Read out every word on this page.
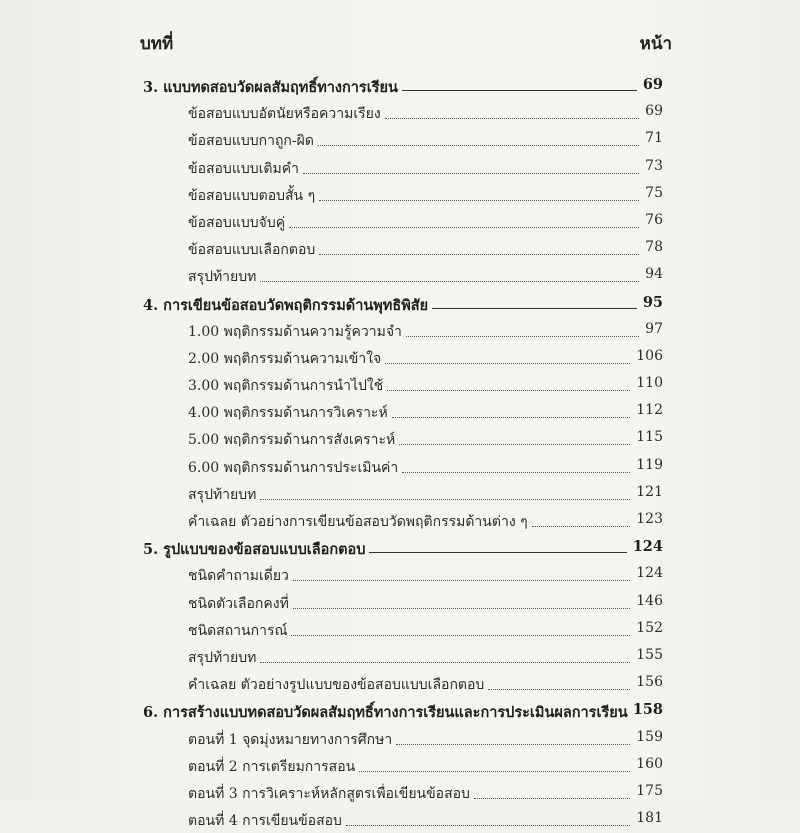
บทที่	หน้า
3. แบบทดสอบวัดผลสัมฤทธิ์ทางการเรียน	69
ข้อสอบแบบอัตนัยหรือความเรียง	69
ข้อสอบแบบกาถูก-ผิด	71
ข้อสอบแบบเติมคำ	73
ข้อสอบแบบตอบสั้น ๆ	75
ข้อสอบแบบจับคู่	76
ข้อสอบแบบเลือกตอบ	78
สรุปท้ายบท	94
4. การเขียนข้อสอบวัดพฤติกรรมด้านพุทธิพิสัย	95
1.00 พฤติกรรมด้านความรู้ความจำ	97
2.00 พฤติกรรมด้านความเข้าใจ	106
3.00 พฤติกรรมด้านการนำไปใช้	110
4.00 พฤติกรรมด้านการวิเคราะห์	112
5.00 พฤติกรรมด้านการสังเคราะห์	115
6.00 พฤติกรรมด้านการประเมินค่า	119
สรุปท้ายบท	121
คำเฉลย ตัวอย่างการเขียนข้อสอบวัดพฤติกรรมด้านต่าง ๆ	123
5. รูปแบบของข้อสอบแบบเลือกตอบ	124
ชนิดคำถามเดี่ยว	124
ชนิดตัวเลือกคงที่	146
ชนิดสถานการณ์	152
สรุปท้ายบท	155
คำเฉลย ตัวอย่างรูปแบบของข้อสอบแบบเลือกตอบ	156
6. การสร้างแบบทดสอบวัดผลสัมฤทธิ์ทางการเรียนและการประเมินผลการเรียน 158
ตอนที่ 1 จุดมุ่งหมายทางการศึกษา	159
ตอนที่ 2 การเตรียมการสอน	160
ตอนที่ 3 การวิเคราะห์หลักสูตรเพื่อเขียนข้อสอบ	175
ตอนที่ 4 การเขียนข้อสอบ	181
